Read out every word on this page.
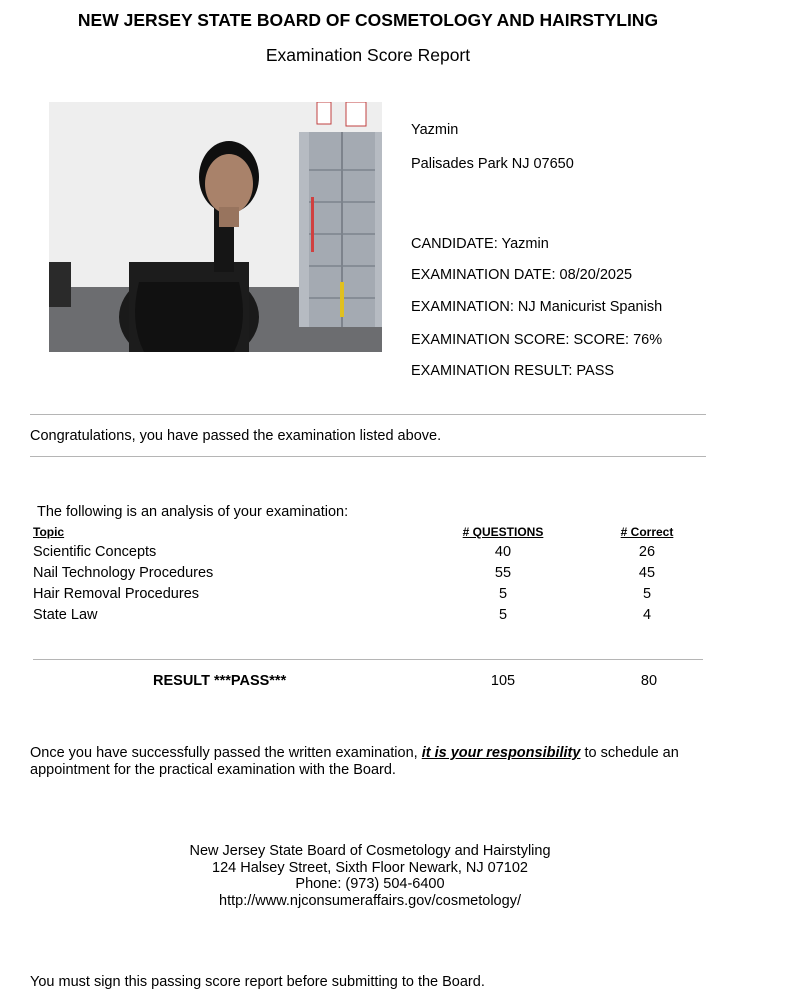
NEW JERSEY STATE BOARD OF COSMETOLOGY AND HAIRSTYLING
Examination Score Report
Yazmin
Palisades Park NJ 07650
CANDIDATE: Yazmin
EXAMINATION DATE: 08/20/2025
EXAMINATION: NJ Manicurist Spanish
EXAMINATION SCORE: SCORE: 76%
EXAMINATION RESULT: PASS
Congratulations, you have passed the examination listed above.
The following is an analysis of your examination:
Topic	# QUESTIONS	# Correct
Scientific Concepts	40	26
Nail Technology Procedures	55	45
Hair Removal Procedures	5	5
State Law	5	4
RESULT ***PASS***	105	80
Once you have successfully passed the written examination, it is your responsibility to schedule an appointment for the practical examination with the Board.
New Jersey State Board of Cosmetology and Hairstyling
124 Halsey Street, Sixth Floor Newark, NJ 07102
Phone: (973) 504-6400
http://www.njconsumeraffairs.gov/cosmetology/
You must sign this passing score report before submitting to the Board.
